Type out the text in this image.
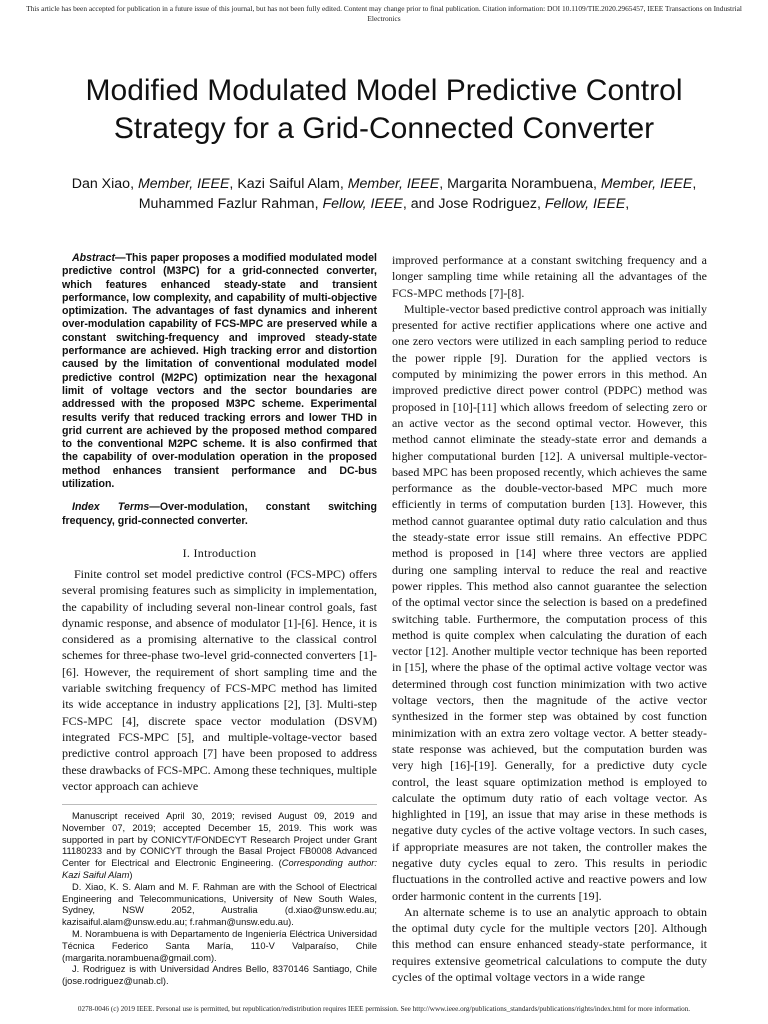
This article has been accepted for publication in a future issue of this journal, but has not been fully edited. Content may change prior to final publication. Citation information: DOI 10.1109/TIE.2020.2965457, IEEE Transactions on Industrial Electronics
Modified Modulated Model Predictive Control Strategy for a Grid-Connected Converter
Dan Xiao, Member, IEEE, Kazi Saiful Alam, Member, IEEE, Margarita Norambuena, Member, IEEE,
Muhammed Fazlur Rahman, Fellow, IEEE, and Jose Rodriguez, Fellow, IEEE,

Abstract—This paper proposes a modified modulated model predictive control (M3PC) for a grid-connected converter, which features enhanced steady-state and transient performance, low complexity, and capability of multi-objective optimization. The advantages of fast dynamics and inherent over-modulation capability of FCS-MPC are preserved while a constant switching-frequency and improved steady-state performance are achieved. High tracking error and distortion caused by the limitation of conventional modulated model predictive control (M2PC) optimization near the hexagonal limit of voltage vectors and the sector boundaries are addressed with the proposed M3PC scheme. Experimental results verify that reduced tracking errors and lower THD in grid current are achieved by the proposed method compared to the conventional M2PC scheme. It is also confirmed that the capability of over-modulation operation in the proposed method enhances transient performance and DC-bus utilization.

Index Terms—Over-modulation, constant switching frequency, grid-connected converter.

I. Introduction

Finite control set model predictive control (FCS-MPC) offers several promising features such as simplicity in implementation, the capability of including several non-linear control goals, fast dynamic response, and absence of modulator [1]-[6]. Hence, it is considered as a promising alternative to the classical control schemes for three-phase two-level grid-connected converters [1]-[6]. However, the requirement of short sampling time and the variable switching frequency of FCS-MPC method has limited its wide acceptance in industry applications [2], [3]. Multi-step FCS-MPC [4], discrete space vector modulation (DSVM) integrated FCS-MPC [5], and multiple-voltage-vector based predictive control approach [7] have been proposed to address these drawbacks of FCS-MPC. Among these techniques, multiple vector approach can achieve

Manuscript received April 30, 2019; revised August 09, 2019 and November 07, 2019; accepted December 15, 2019. This work was supported in part by CONICYT/FONDECYT Research Project under Grant 11180233 and by CONICYT through the Basal Project FB0008 Advanced Center for Electrical and Electronic Engineering. (Corresponding author: Kazi Saiful Alam)

D. Xiao, K. S. Alam and M. F. Rahman are with the School of Electrical Engineering and Telecommunications, University of New South Wales, Sydney, NSW 2052, Australia (d.xiao@unsw.edu.au; kazisaiful.alam@unsw.edu.au; f.rahman@unsw.edu.au).

M. Norambuena is with Departamento de Ingeniería Eléctrica Universidad Técnica Federico Santa María, 110-V Valparaíso, Chile (margarita.norambuena@gmail.com).

J. Rodriguez is with Universidad Andres Bello, 8370146 Santiago, Chile (jose.rodriguez@unab.cl).

improved performance at a constant switching frequency and a longer sampling time while retaining all the advantages of the FCS-MPC methods [7]-[8].

Multiple-vector based predictive control approach was initially presented for active rectifier applications where one active and one zero vectors were utilized in each sampling period to reduce the power ripple [9]. Duration for the applied vectors is computed by minimizing the power errors in this method. An improved predictive direct power control (PDPC) method was proposed in [10]-[11] which allows freedom of selecting zero or an active vector as the second optimal vector. However, this method cannot eliminate the steady-state error and demands a higher computational burden [12]. A universal multiple-vector-based MPC has been proposed recently, which achieves the same performance as the double-vector-based MPC much more efficiently in terms of computation burden [13]. However, this method cannot guarantee optimal duty ratio calculation and thus the steady-state error issue still remains. An effective PDPC method is proposed in [14] where three vectors are applied during one sampling interval to reduce the real and reactive power ripples. This method also cannot guarantee the selection of the optimal vector since the selection is based on a predefined switching table. Furthermore, the computation process of this method is quite complex when calculating the duration of each vector [12]. Another multiple vector technique has been reported in [15], where the phase of the optimal active voltage vector was determined through cost function minimization with two active voltage vectors, then the magnitude of the active vector synthesized in the former step was obtained by cost function minimization with an extra zero voltage vector. A better steady-state response was achieved, but the computation burden was very high [16]-[19]. Generally, for a predictive duty cycle control, the least square optimization method is employed to calculate the optimum duty ratio of each voltage vector. As highlighted in [19], an issue that may arise in these methods is negative duty cycles of the active voltage vectors. In such cases, if appropriate measures are not taken, the controller makes the negative duty cycles equal to zero. This results in periodic fluctuations in the controlled active and reactive powers and low order harmonic content in the currents [19].

An alternate scheme is to use an analytic approach to obtain the optimal duty cycle for the multiple vectors [20]. Although this method can ensure enhanced steady-state performance, it requires extensive geometrical calculations to compute the duty cycles of the optimal voltage vectors in a wide range

0278-0046 (c) 2019 IEEE. Personal use is permitted, but republication/redistribution requires IEEE permission. See http://www.ieee.org/publications_standards/publications/rights/index.html for more information.
